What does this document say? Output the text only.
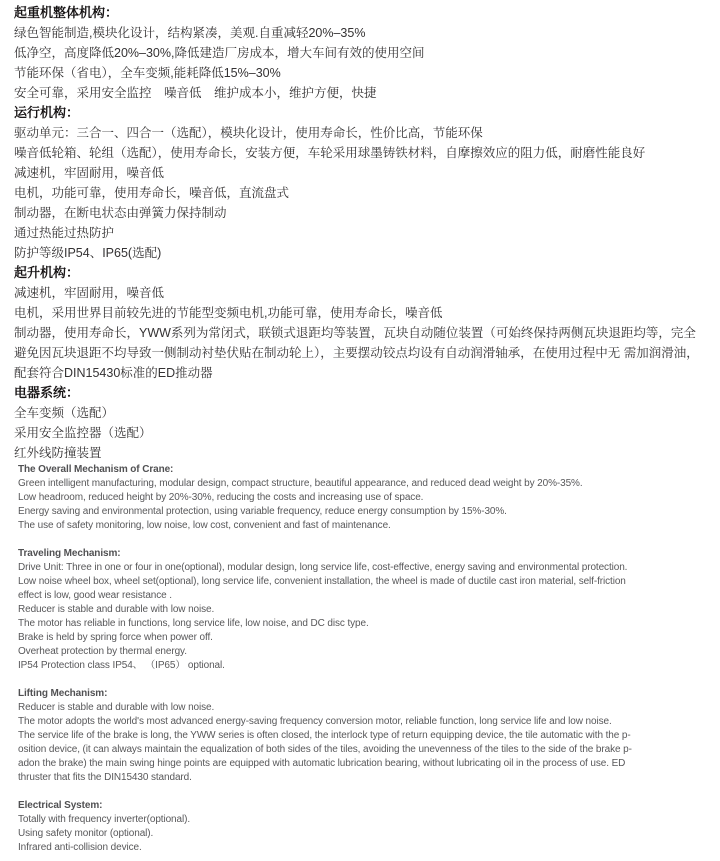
起重机整体机构：
绿色智能制造,模块化设计，结构紧凑，美观.自重减轻20%–35%
低净空，高度降低20%–30%,降低建造厂房成本，增大车间有效的使用空间
节能环保（省电），全车变频,能耗降低15%–30%
安全可靠，采用安全监控　噪音低　维护成本小，维护方便，快捷
运行机构：
驱动单元：三合一、四合一（选配），模块化设计，使用寿命长，性价比高，节能环保
噪音低轮箱、轮组（选配），使用寿命长，安装方便，车轮采用球墨铸铁材料，自摩擦效应的阻力低，耐磨性能良好
减速机，牢固耐用，噪音低
电机，功能可靠，使用寿命长，噪音低，直流盘式
制动器，在断电状态由弹簧力保持制动
通过热能过热防护
防护等级IP54、IP65(选配)
起升机构：
减速机，牢固耐用，噪音低
电机，采用世界目前较先进的节能型变频电机,功能可靠，使用寿命长，噪音低
制动器，使用寿命长，YWW系列为常闭式，联锁式退距均等装置，瓦块自动随位装置（可始终保持两侧瓦块退距均等，完全
避免因瓦块退距不均导致一侧制动衬垫伏贴在制动轮上），主要摆动铰点均设有自动润滑轴承，在使用过程中无 需加润滑油，
配套符合DIN15430标准的ED推动器
电器系统：
全车变频（选配）
采用安全监控器（选配）
红外线防撞装置
The Overall Mechanism of Crane:
Green intelligent manufacturing, modular design, compact structure, beautiful appearance, and reduced dead weight by 20%-35%.
Low headroom, reduced height by 20%-30%, reducing the costs and increasing use of space.
Energy saving and environmental protection, using variable frequency, reduce energy consumption by 15%-30%.
The use of safety monitoring, low noise, low cost, convenient and fast of maintenance.
Traveling Mechanism:
Drive Unit: Three in one or four in one(optional), modular design, long service life, cost-effective, energy saving and environmental protection.
Low noise wheel box, wheel set(optional), long service life, convenient installation, the wheel is made of ductile cast iron material, self-friction
effect is low, good wear resistance .
Reducer is stable and durable with low noise.
The motor has reliable in functions, long service life, low noise, and DC disc type.
Brake is held by spring force when power off.
Overheat protection by thermal energy.
IP54 Protection class IP54、 （IP65） optional.
Lifting Mechanism:
Reducer is stable and durable with low noise.
The motor adopts the world's most advanced energy-saving frequency conversion motor, reliable function, long service life and low noise.
The service life of the brake is long, the YWW series is often closed, the interlock type of return equipping device, the tile automatic with the p-
osition device, (it can always maintain the equalization of both sides of the tiles, avoiding the unevenness of the tiles to the side of the brake p-
adon the brake) the main swing hinge points are equipped with automatic lubrication bearing, without lubricating oil in the process of use. ED
thruster that fits the DIN15430 standard.
Electrical System:
Totally with frequency inverter(optional).
Using safety monitor (optional).
Infrared anti-collision device.
